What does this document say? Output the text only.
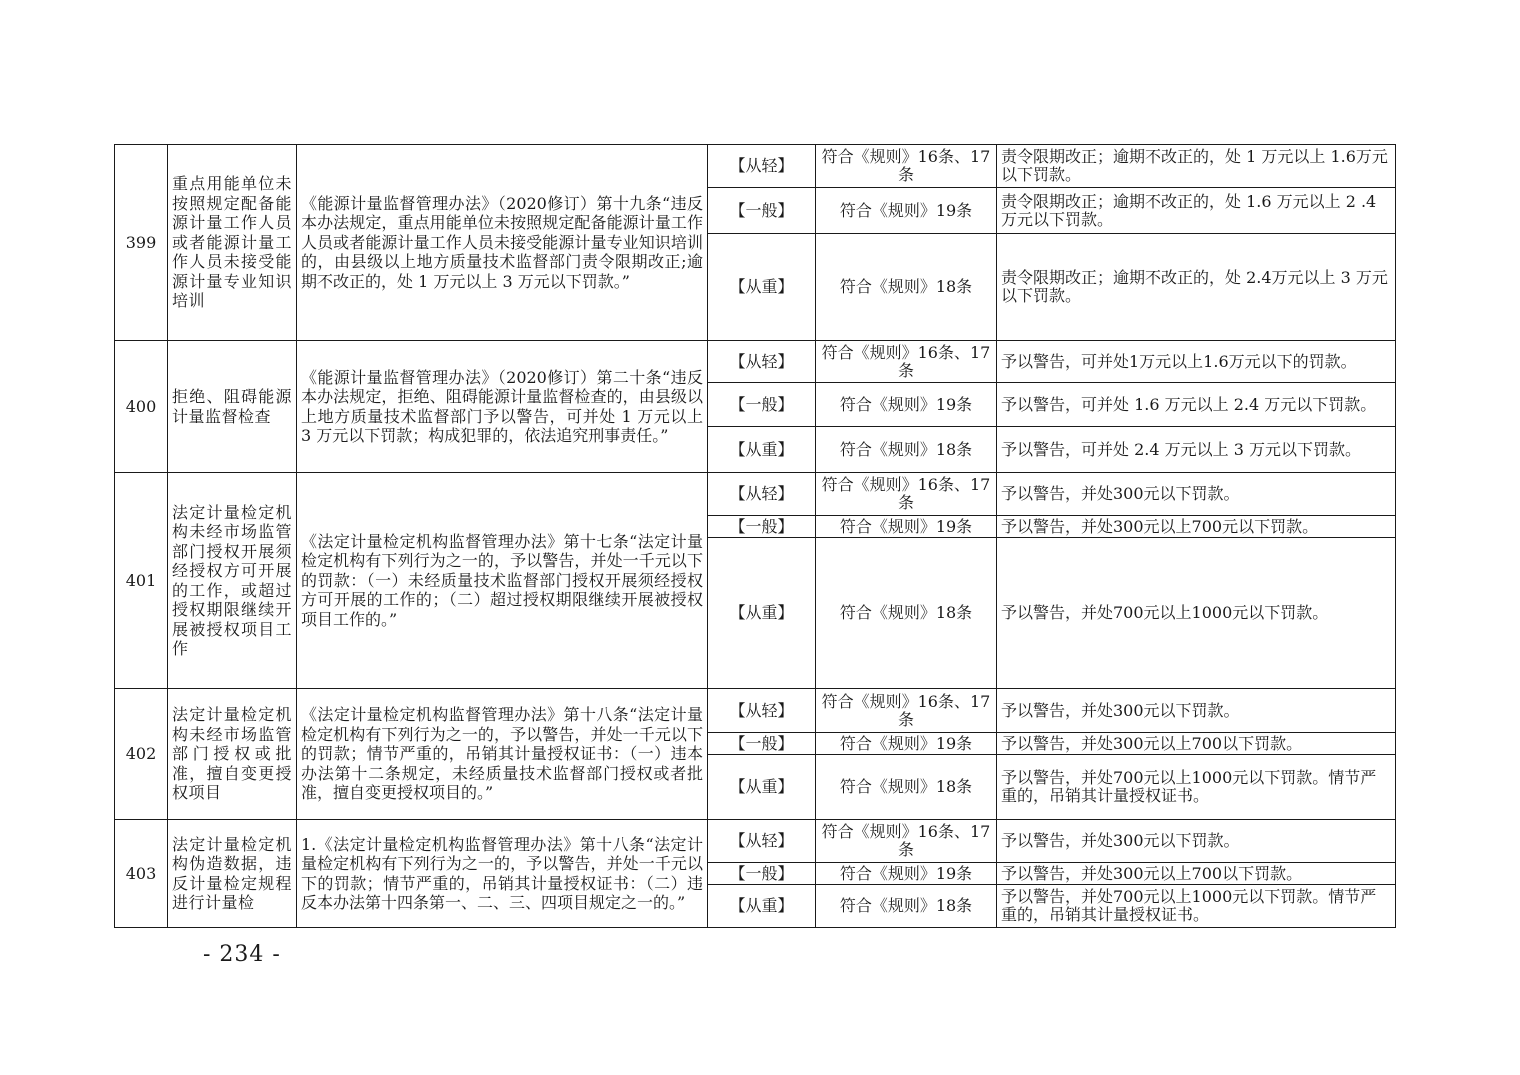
399	重点用能单位未按照规定配备能源计量工作人员或者能源计量工作人员未接受能源计量专业知识培训	《能源计量监督管理办法》（2020修订）第十九条“违反本办法规定，重点用能单位未按照规定配备能源计量工作人员或者能源计量工作人员未接受能源计量专业知识培训的，由县级以上地方质量技术监督部门责令限期改正;逾期不改正的，处 1 万元以上 3 万元以下罚款。”	【从轻】	符合《规则》16条、17条	责令限期改正；逾期不改正的，处 1 万元以上 1.6万元以下罚款。
			【一般】	符合《规则》19条	责令限期改正；逾期不改正的，处 1.6 万元以上 2 .4万元以下罚款。
			【从重】	符合《规则》18条	责令限期改正；逾期不改正的，处 2.4万元以上 3 万元以下罚款。
400	拒绝、阻碍能源计量监督检查	《能源计量监督管理办法》（2020修订）第二十条“违反本办法规定，拒绝、阻碍能源计量监督检查的，由县级以上地方质量技术监督部门予以警告，可并处 1 万元以上 3 万元以下罚款；构成犯罪的，依法追究刑事责任。”	【从轻】	符合《规则》16条、17条	予以警告，可并处1万元以上1.6万元以下的罚款。
			【一般】	符合《规则》19条	予以警告，可并处 1.6 万元以上 2.4 万元以下罚款。
			【从重】	符合《规则》18条	予以警告，可并处 2.4 万元以上 3 万元以下罚款。
401	法定计量检定机构未经市场监管部门授权开展须经授权方可开展的工作，或超过授权期限继续开展被授权项目工作	《法定计量检定机构监督管理办法》第十七条“法定计量检定机构有下列行为之一的，予以警告，并处一千元以下的罚款：（一）未经质量技术监督部门授权开展须经授权方可开展的工作的；（二）超过授权期限继续开展被授权项目工作的。”	【从轻】	符合《规则》16条、17条	予以警告，并处300元以下罚款。
			【一般】	符合《规则》19条	予以警告，并处300元以上700元以下罚款。
			【从重】	符合《规则》18条	予以警告，并处700元以上1000元以下罚款。
402	法定计量检定机构未经市场监管部门授权或批准，擅自变更授权项目	《法定计量检定机构监督管理办法》第十八条“法定计量检定机构有下列行为之一的，予以警告，并处一千元以下的罚款；情节严重的，吊销其计量授权证书：（一）违本办法第十二条规定，未经质量技术监督部门授权或者批准，擅自变更授权项目的。”	【从轻】	符合《规则》16条、17条	予以警告，并处300元以下罚款。
			【一般】	符合《规则》19条	予以警告，并处300元以上700以下罚款。
			【从重】	符合《规则》18条	予以警告，并处700元以上1000元以下罚款。情节严重的，吊销其计量授权证书。
403	法定计量检定机构伪造数据，违反计量检定规程进行计量检	1.《法定计量检定机构监督管理办法》第十八条“法定计量检定机构有下列行为之一的，予以警告，并处一千元以下的罚款；情节严重的，吊销其计量授权证书：（二）违反本办法第十四条第一、二、三、四项目规定之一的。”	【从轻】	符合《规则》16条、17条	予以警告，并处300元以下罚款。
			【一般】	符合《规则》19条	予以警告，并处300元以上700以下罚款。
			【从重】	符合《规则》18条	予以警告，并处700元以上1000元以下罚款。情节严重的，吊销其计量授权证书。
- 234 -
